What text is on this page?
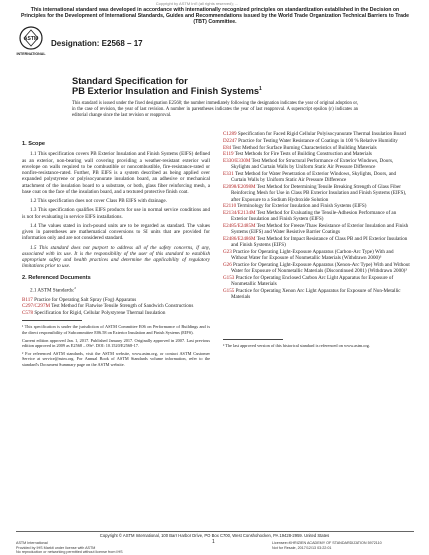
Copyright by ASTM Int'l (all rights reserved); ...
This international standard was developed in accordance with internationally recognized principles on standardization established in the Decision on Principles for the Development of International Standards, Guides and Recommendations issued by the World Trade Organization Technical Barriers to Trade (TBT) Committee.
ASTM
INTERNATIONAL
Designation: E2568 – 17
Standard Specification for
PB Exterior Insulation and Finish Systems$^1$
This standard is issued under the fixed designation E2568; the number immediately following the designation indicates the year of original adoption or, in the case of revision, the year of last revision. A number in parentheses indicates the year of last reapproval. A superscript epsilon (ε) indicates an editorial change since the last revision or reapproval.
1. Scope

1.1 This specification covers PB Exterior Insulation and Finish Systems (EIFS) defined as an exterior, non-bearing wall covering providing a weather-resistant exterior wall envelope on walls required to be combustible or noncombustible, fire-resistance-rated or nonfire-resistance-rated. Further, PB EIFS is a system described as being applied over expanded polystyrene or polyisocyanurate insulation board, an adhesive or mechanical attachment of the insulation board to a substrate, or both, glass fiber reinforcing mesh, a base coat on the face of the insulation board, and a textured protective finish coat.

1.2 This specification does not cover Class PB EIFS with drainage.

1.3 This specification qualifies EIFS products for use in normal service conditions and is not for evaluating in service EIFS installations.

1.4 The values stated in inch-pound units are to be regarded as standard. The values given in parentheses are mathematical conversions to SI units that are provided for information only and are not considered standard.

1.5 This standard does not purport to address all of the safety concerns, if any, associated with its use. It is the responsibility of the user of this standard to establish appropriate safety and health practices and determine the applicability of regulatory limitations prior to use.

2. Referenced Documents

2.1 ASTM Standards:$^2$

B117 Practice for Operating Salt Spray (Fog) Apparatus
C297/C297M Test Method for Flatwise Tensile Strength of Sandwich Constructions
C578 Specification for Rigid, Cellular Polystyrene Thermal Insulation

¹ This specification is under the jurisdiction of ASTM Committee E06 on Performance of Buildings and is the direct responsibility of Subcommittee E06.58 on Exterior Insulation and Finish Systems (EIFS).

Current edition approved Jan. 1, 2017. Published January 2017. Originally approved in 2007. Last previous edition approved in 2009 as E2568 – 09ε¹. DOI: 10.1520/E2568-17.

² For referenced ASTM standards, visit the ASTM website, www.astm.org, or contact ASTM Customer Service at service@astm.org. For Annual Book of ASTM Standards volume information, refer to the standard's Document Summary page on the ASTM website.

C1289 Specification for Faced Rigid Cellular Polyisocyanurate Thermal Insulation Board
D2247 Practice for Testing Water Resistance of Coatings in 100 % Relative Humidity
E84 Test Method for Surface Burning Characteristics of Building Materials
E119 Test Methods for Fire Tests of Building Construction and Materials
E330/E330M Test Method for Structural Performance of Exterior Windows, Doors, Skylights and Curtain Walls by Uniform Static Air Pressure Difference
E331 Test Method for Water Penetration of Exterior Windows, Skylights, Doors, and Curtain Walls by Uniform Static Air Pressure Difference
E2098/E2098M Test Method for Determining Tensile Breaking Strength of Glass Fiber Reinforcing Mesh for Use in Class PB Exterior Insulation and Finish Systems (EIFS), after Exposure to a Sodium Hydroxide Solution
E2110 Terminology for Exterior Insulation and Finish Systems (EIFS)
E2134/E2134M Test Method for Evaluating the Tensile-Adhesion Performance of an Exterior Insulation and Finish System (EIFS)
E2485/E2485M Test Method for Freeze/Thaw Resistance of Exterior Insulation and Finish Systems (EIFS) and Water Resistive Barrier Coatings
E2486/E2486M Test Method for Impact Resistance of Class PB and PI Exterior Insulation and Finish Systems (EIFS)
G23 Practice for Operating Light-Exposure Apparatus (Carbon-Arc Type) With and Without Water for Exposure of Nonmetallic Materials (Withdrawn 2000)³
G26 Practice for Operating Light-Exposure Apparatus (Xenon-Arc Type) With and Without Water for Exposure of Nonmetallic Materials (Discontinued 2001) (Withdrawn 2000)³
G153 Practice for Operating Enclosed Carbon Arc Light Apparatus for Exposure of Nonmetallic Materials
G155 Practice for Operating Xenon Arc Light Apparatus for Exposure of Non-Metallic Materials

³ The last approved version of this historical standard is referenced on www.astm.org.

Copyright © ASTM International, 100 Barr Harbor Drive, PO Box C700, West Conshohocken, PA 19428-2959. United States
1
ASTM International
Provided by IHS Markit under license with ASTM
No reproduction or networking permitted without license from IHS
Licensee=KHRIZIEN ACADEMY OF STANDARDIZATION 5972110
Not for Resale, 2017/12/13 03:22:01
